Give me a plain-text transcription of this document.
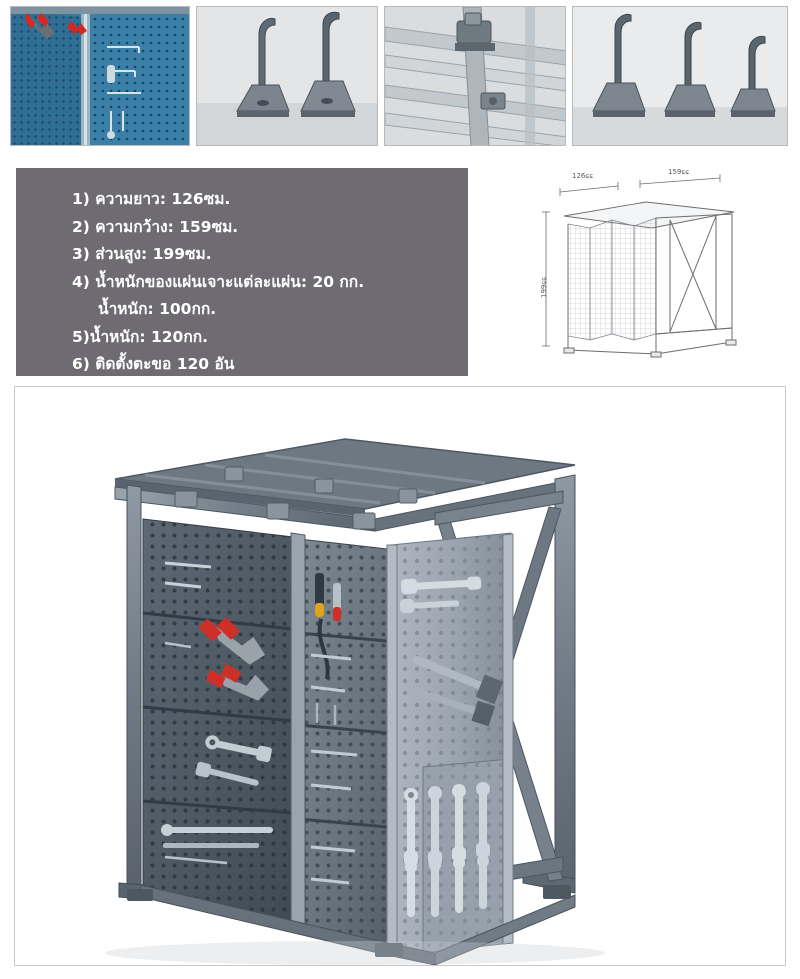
1) ความยาว: 126ซม.
2) ความกว้าง: 159ซม.
3) ส่วนสูง: 199ซม.
4) น้ำหนักของแผ่นเจาะแต่ละแผ่น: 20 กก.
น้ำหนัก: 100กก.
5)น้ำหนัก: 120กก.
6) ติดตั้งตะขอ 120 อัน
126ɕɕ	159ɕɕ
199ɕɕ
